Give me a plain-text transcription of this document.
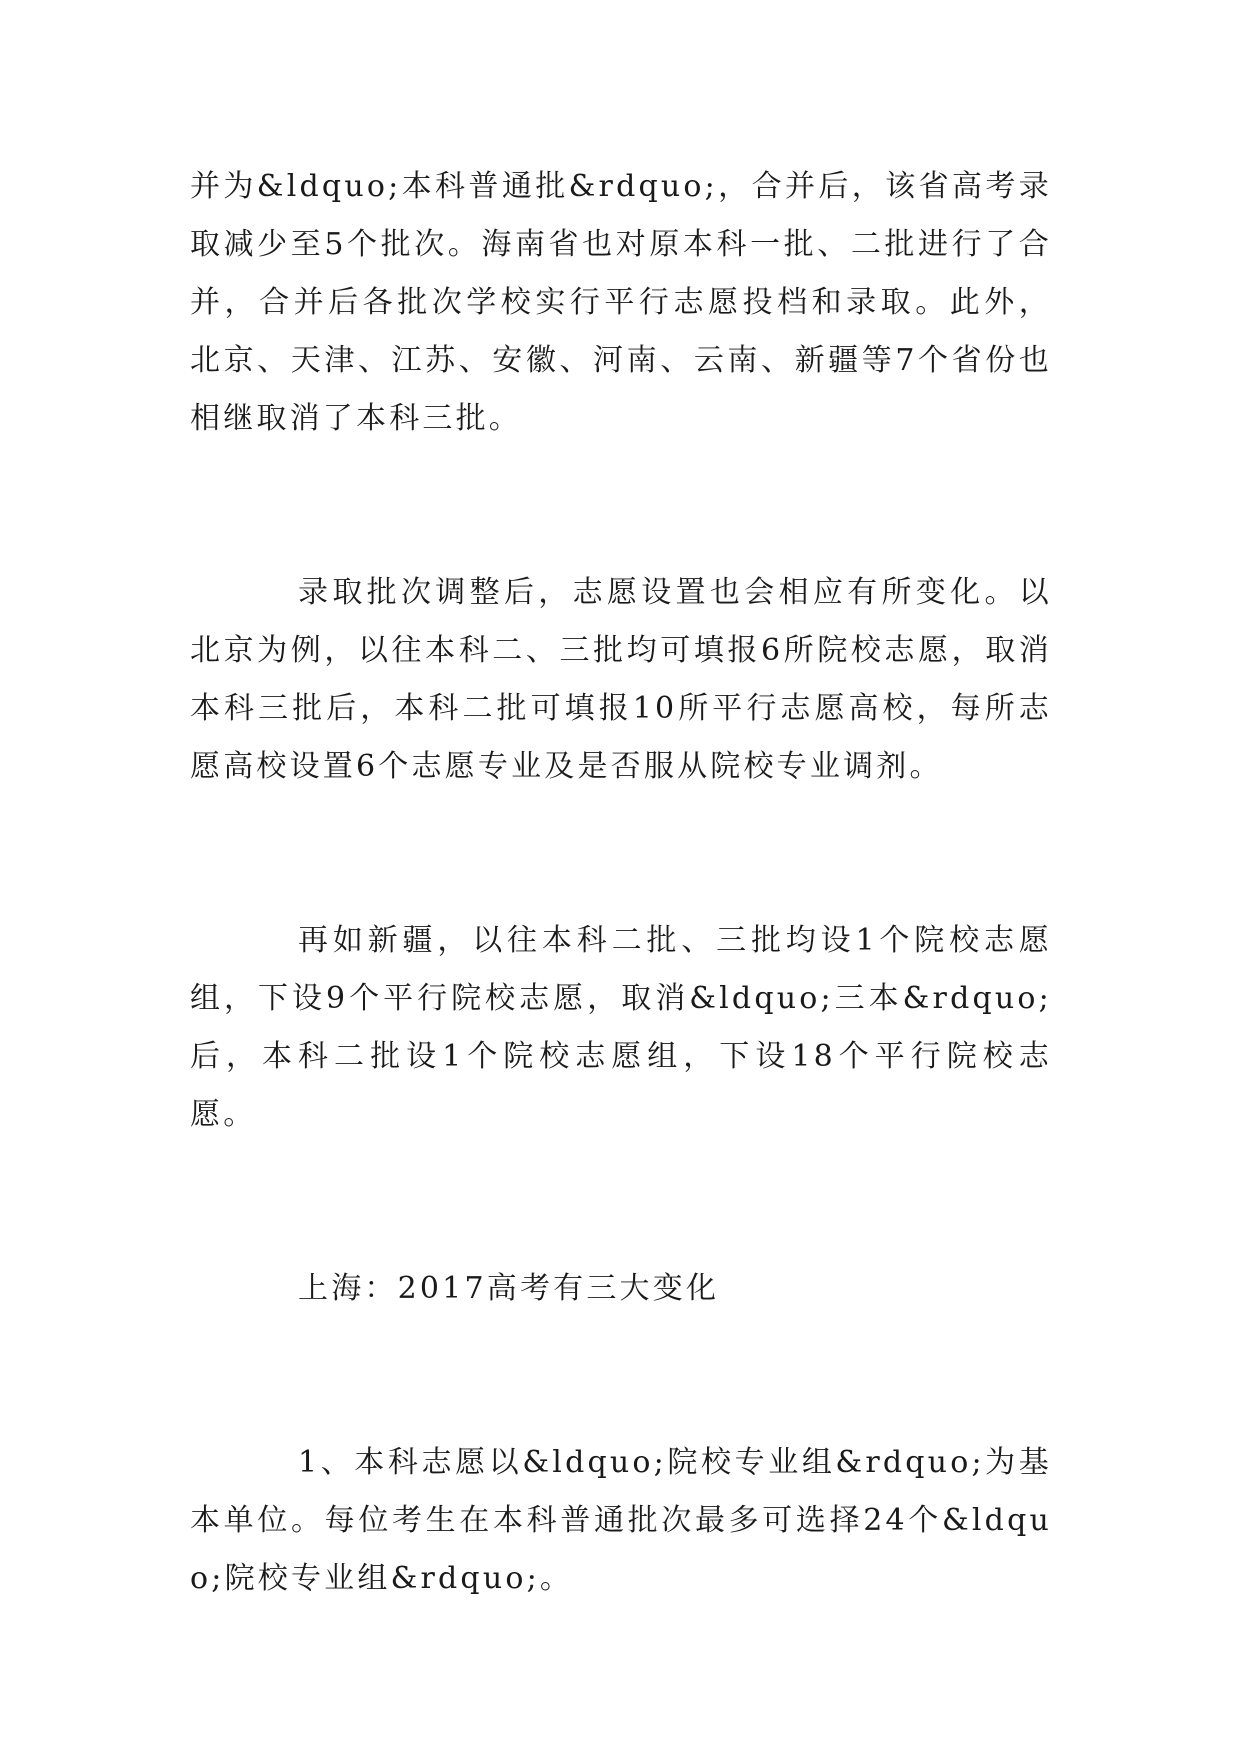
并为&ldquo;本科普通批&rdquo;，合并后，该省高考录取减少至5个批次。海南省也对原本科一批、二批进行了合并，合并后各批次学校实行平行志愿投档和录取。此外，北京、天津、江苏、安徽、河南、云南、新疆等7个省份也相继取消了本科三批。

录取批次调整后，志愿设置也会相应有所变化。以北京为例，以往本科二、三批均可填报6所院校志愿，取消本科三批后，本科二批可填报10所平行志愿高校，每所志愿高校设置6个志愿专业及是否服从院校专业调剂。

再如新疆，以往本科二批、三批均设1个院校志愿组，下设9个平行院校志愿，取消&ldquo;三本&rdquo;后，本科二批设1个院校志愿组，下设18个平行院校志愿。

上海：2017高考有三大变化

1、本科志愿以&ldquo;院校专业组&rdquo;为基本单位。每位考生在本科普通批次最多可选择24个&ldquo;院校专业组&rdquo;。
